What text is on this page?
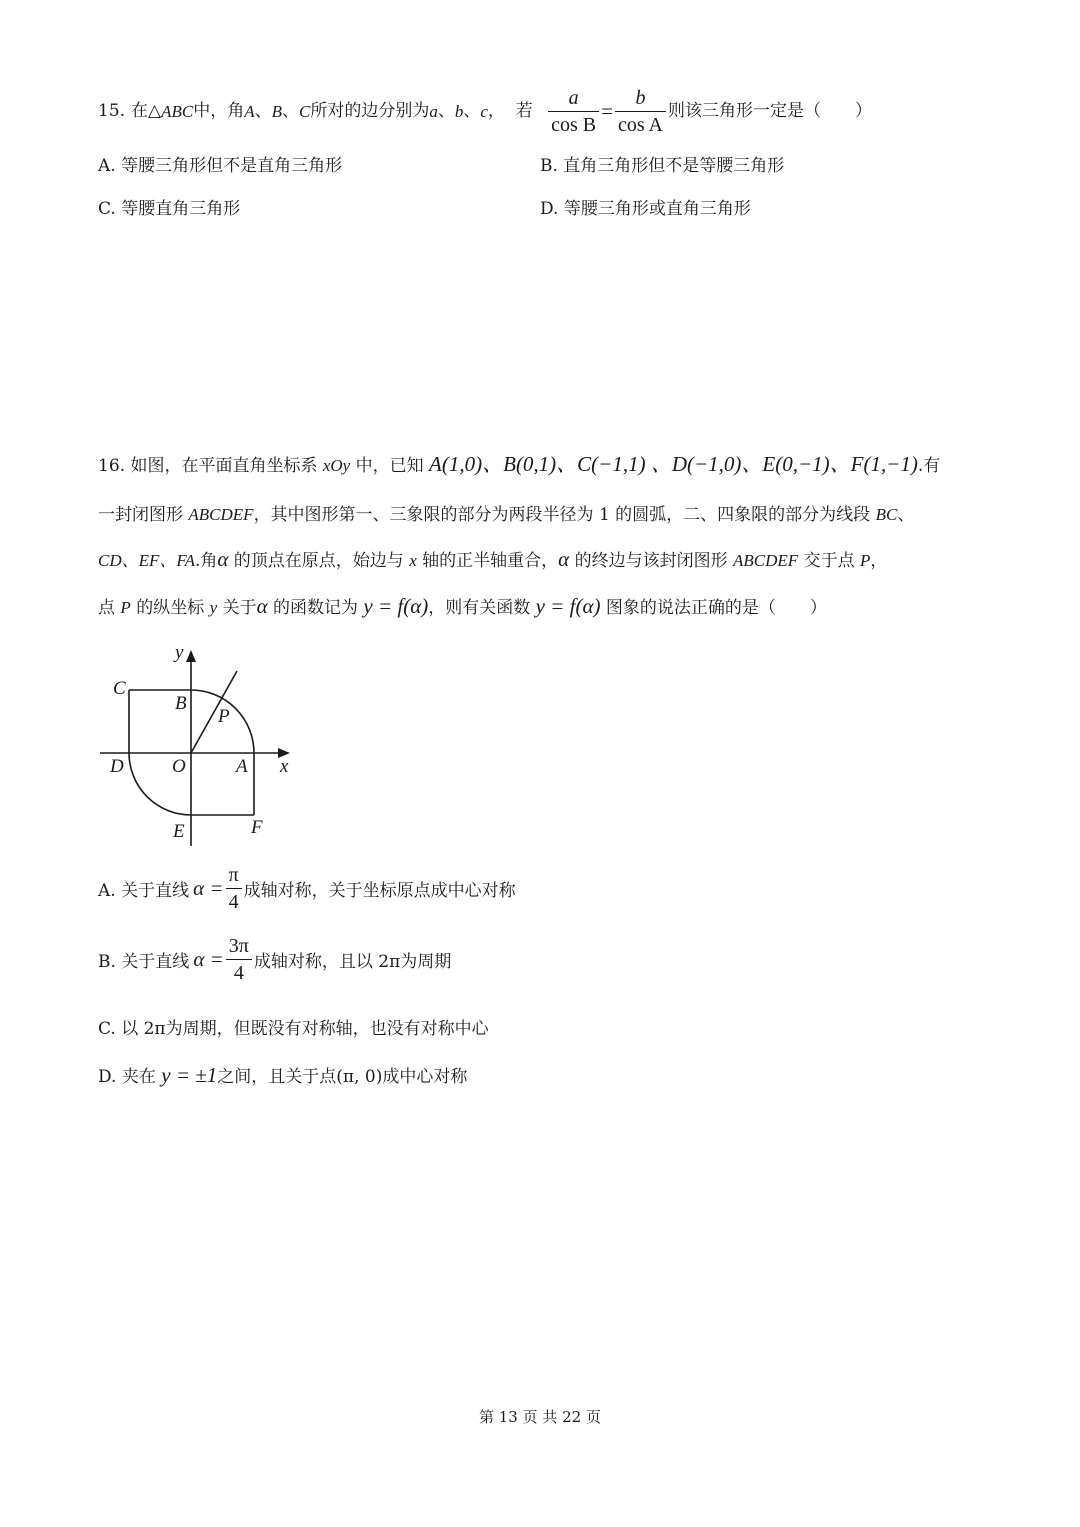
15. 在△ ABC 中，角 A 、 B 、 C 所对的边分别为 a 、 b 、 c ，  若 $\frac{a}{\text{cos B}} = \frac{b}{\text{cos A}}$ 则该三角形一定是（　　）
A. 等腰三角形但不是直角三角形	B. 直角三角形但不是等腰三角形
C. 等腰直角三角形	D. 等腰三角形或直角三角形
16. 如图，在平面直角坐标系 xOy 中，已知 A(1,0)、B(0,1)、C(−1,1) 、D(−1,0)、E(0,−1)、F(1,−1).有
一封闭图形 ABCDEF，其中图形第一、三象限的部分为两段半径为 1 的圆弧，二、四象限的部分为线段 BC、
CD、EF、FA.角α 的顶点在原点，始边与 x 轴的正半轴重合，α 的终边与该封闭图形 ABCDEF 交于点 P，
点 P 的纵坐标 y 关于α 的函数记为 y = f(α)，则有关函数 y = f(α) 图象的说法正确的是（　　）
y
x
C
B
P
D	O	A
E	F
A. 关于直线 $\alpha = \frac{\pi}{4}$ 成轴对称，关于坐标原点成中心对称
B. 关于直线 $\alpha = \frac{3\pi}{4}$ 成轴对称，且以 2π为周期
C. 以 2π为周期，但既没有对称轴，也没有对称中心
D. 夹在 y = ±1之间，且关于点(π, 0)成中心对称
第 13 页 共 22 页
